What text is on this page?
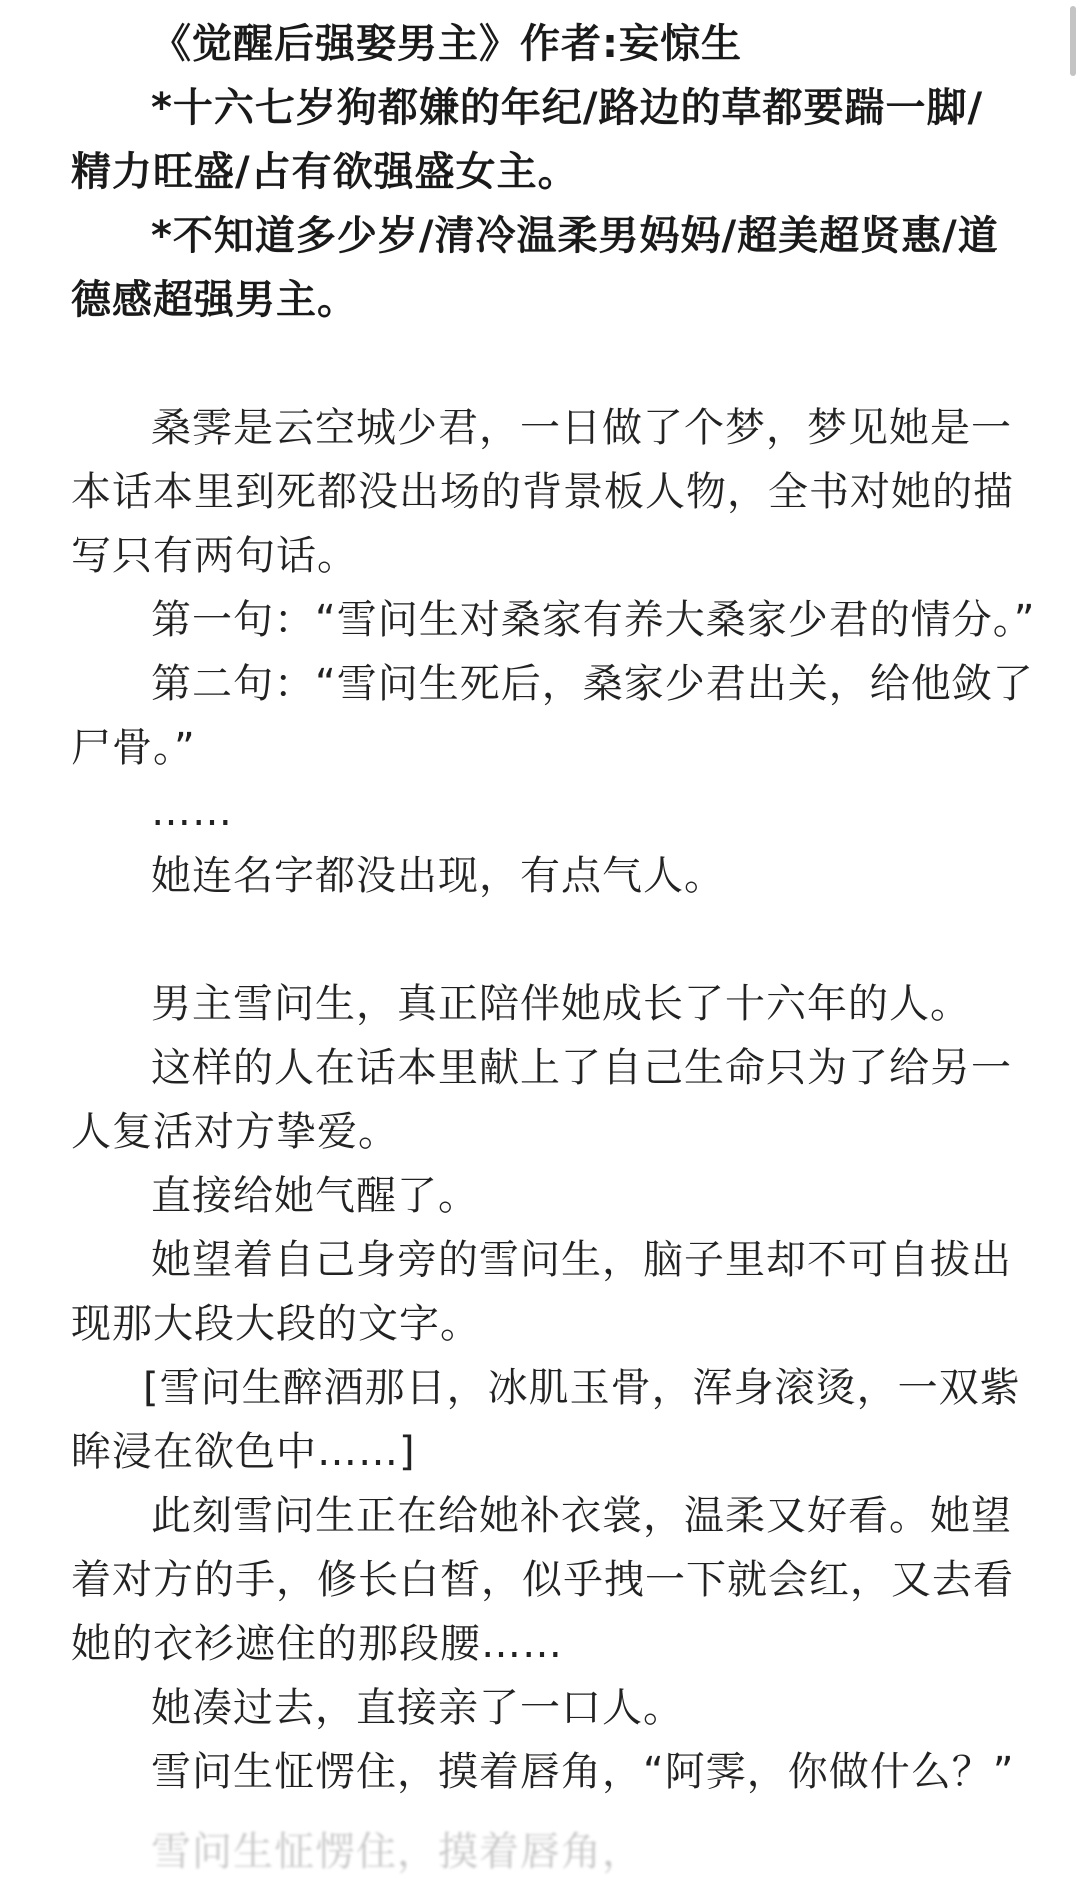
《觉醒后强娶男主》作者:妄惊生
*十六七岁狗都嫌的年纪/路边的草都要踹一脚/
精力旺盛/占有欲强盛女主。
*不知道多少岁/清冷温柔男妈妈/超美超贤惠/道
德感超强男主。
桑霁是云空城少君，一日做了个梦，梦见她是一
本话本里到死都没出场的背景板人物，全书对她的描
写只有两句话。
第一句：“雪问生对桑家有养大桑家少君的情分。”
第二句：“雪问生死后，桑家少君出关，给他敛了
尸骨。”
……
她连名字都没出现，有点气人。
男主雪问生，真正陪伴她成长了十六年的人。
这样的人在话本里献上了自己生命只为了给另一
人复活对方挚爱。
直接给她气醒了。
她望着自己身旁的雪问生，脑子里却不可自拔出
现那大段大段的文字。
[雪问生醉酒那日，冰肌玉骨，浑身滚烫，一双紫
眸浸在欲色中……]
此刻雪问生正在给她补衣裳，温柔又好看。她望
着对方的手，修长白皙，似乎拽一下就会红，又去看
她的衣衫遮住的那段腰……
她凑过去，直接亲了一口人。
雪问生怔愣住，摸着唇角，“阿霁，你做什么？”
雪问生怔愣住，摸着唇角，
